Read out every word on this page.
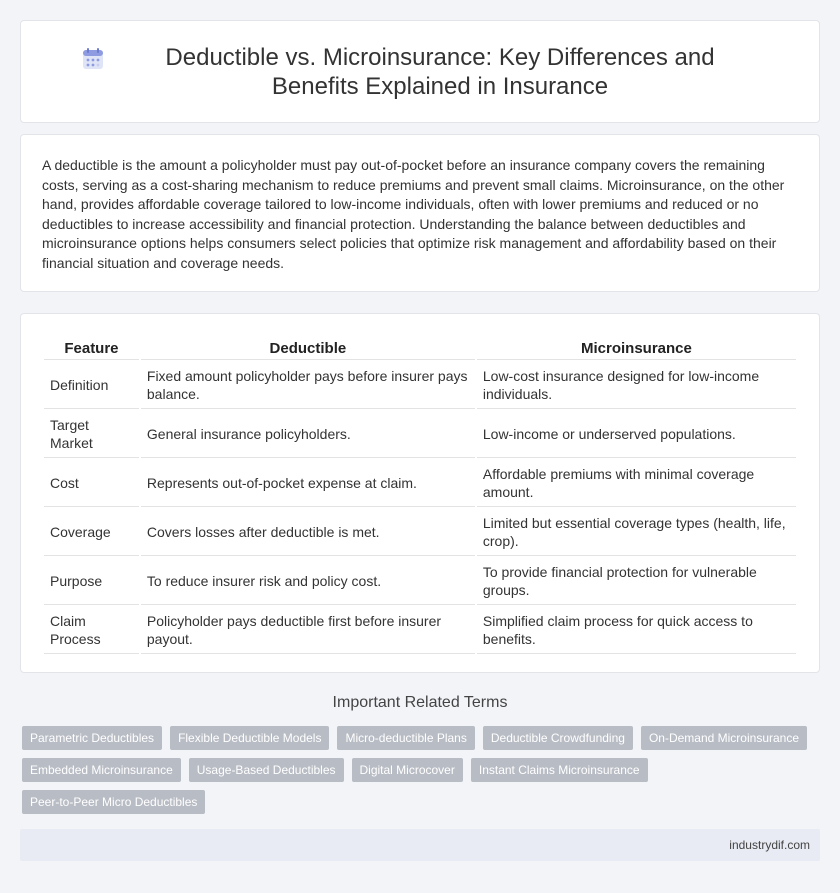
Deductible vs. Microinsurance: Key Differences and Benefits Explained in Insurance

A deductible is the amount a policyholder must pay out-of-pocket before an insurance company covers the remaining costs, serving as a cost-sharing mechanism to reduce premiums and prevent small claims. Microinsurance, on the other hand, provides affordable coverage tailored to low-income individuals, often with lower premiums and reduced or no deductibles to increase accessibility and financial protection. Understanding the balance between deductibles and microinsurance options helps consumers select policies that optimize risk management and affordability based on their financial situation and coverage needs.

Feature	Deductible	Microinsurance
Definition	Fixed amount policyholder pays before insurer pays balance.	Low-cost insurance designed for low-income individuals.
Target Market	General insurance policyholders.	Low-income or underserved populations.
Cost	Represents out-of-pocket expense at claim.	Affordable premiums with minimal coverage amount.
Coverage	Covers losses after deductible is met.	Limited but essential coverage types (health, life, crop).
Purpose	To reduce insurer risk and policy cost.	To provide financial protection for vulnerable groups.
Claim Process	Policyholder pays deductible first before insurer payout.	Simplified claim process for quick access to benefits.
Important Related Terms
Parametric Deductibles	Flexible Deductible Models	Micro-deductible Plans	Deductible Crowdfunding	On-Demand Microinsurance
Embedded Microinsurance	Usage-Based Deductibles	Digital Microcover	Instant Claims Microinsurance
Peer-to-Peer Micro Deductibles
industrydif.com
